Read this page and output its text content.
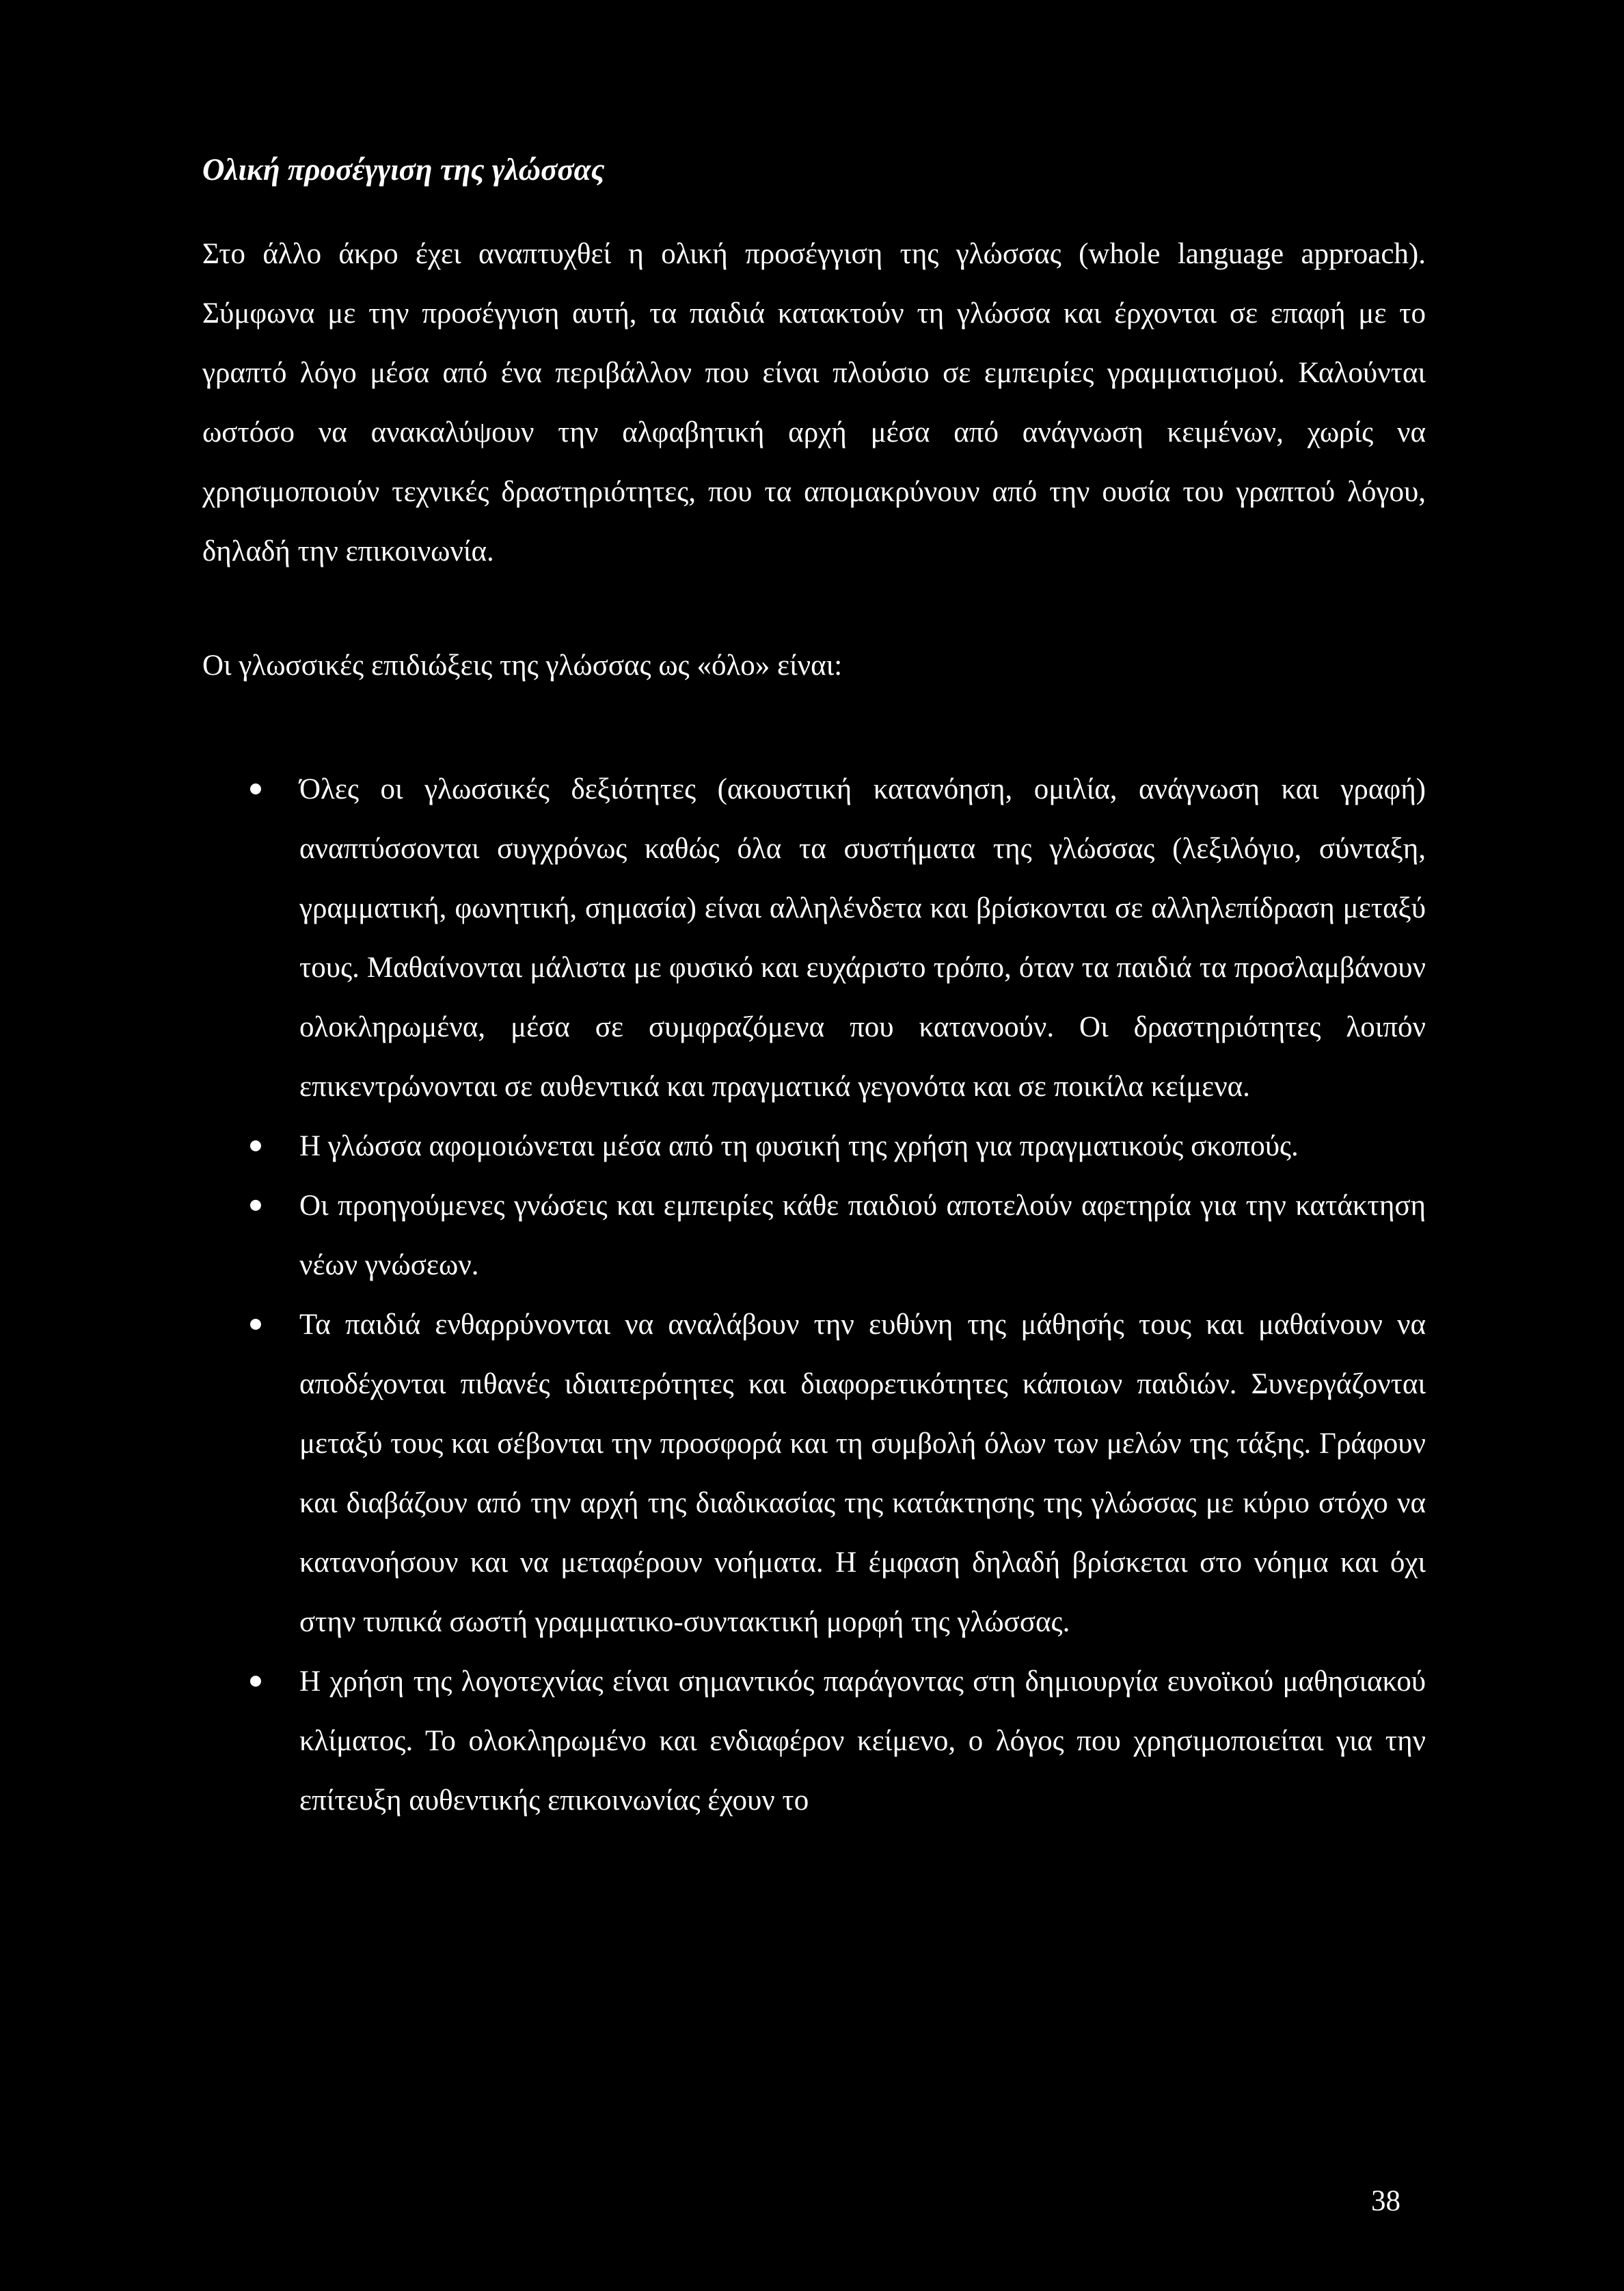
Ολική προσέγγιση της γλώσσας

Στο άλλο άκρο έχει αναπτυχθεί η ολική προσέγγιση της γλώσσας (whole language approach). Σύμφωνα με την προσέγγιση αυτή, τα παιδιά κατακτούν τη γλώσσα και έρχονται σε επαφή με το γραπτό λόγο μέσα από ένα περιβάλλον που είναι πλούσιο σε εμπειρίες γραμματισμού. Καλούνται ωστόσο να ανακαλύψουν την αλφαβητική αρχή μέσα από ανάγνωση κειμένων, χωρίς να χρησιμοποιούν τεχνικές δραστηριότητες, που τα απομακρύνουν από την ουσία του γραπτού λόγου, δηλαδή την επικοινωνία.

Οι γλωσσικές επιδιώξεις της γλώσσας ως «όλο» είναι:

Όλες οι γλωσσικές δεξιότητες (ακουστική κατανόηση, ομιλία, ανάγνωση και γραφή) αναπτύσσονται συγχρόνως καθώς όλα τα συστήματα της γλώσσας (λεξιλόγιο, σύνταξη, γραμματική, φωνητική, σημασία) είναι αλληλένδετα και βρίσκονται σε αλληλεπίδραση μεταξύ τους. Μαθαίνονται μάλιστα με φυσικό και ευχάριστο τρόπο, όταν τα παιδιά τα προσλαμβάνουν ολοκληρωμένα, μέσα σε συμφραζόμενα που κατανοούν. Οι δραστηριότητες λοιπόν επικεντρώνονται σε αυθεντικά και πραγματικά γεγονότα και σε ποικίλα κείμενα.
Η γλώσσα αφομοιώνεται μέσα από τη φυσική της χρήση για πραγματικούς σκοπούς.
Οι προηγούμενες γνώσεις και εμπειρίες κάθε παιδιού αποτελούν αφετηρία για την κατάκτηση νέων γνώσεων.
Τα παιδιά ενθαρρύνονται να αναλάβουν την ευθύνη της μάθησής τους και μαθαίνουν να αποδέχονται πιθανές ιδιαιτερότητες και διαφορετικότητες κάποιων παιδιών. Συνεργάζονται μεταξύ τους και σέβονται την προσφορά και τη συμβολή όλων των μελών της τάξης. Γράφουν και διαβάζουν από την αρχή της διαδικασίας της κατάκτησης της γλώσσας με κύριο στόχο να κατανοήσουν και να μεταφέρουν νοήματα. Η έμφαση δηλαδή βρίσκεται στο νόημα και όχι στην τυπικά σωστή γραμματικο-συντακτική μορφή της γλώσσας.
Η χρήση της λογοτεχνίας είναι σημαντικός παράγοντας στη δημιουργία ευνοϊκού μαθησιακού κλίματος. Το ολοκληρωμένο και ενδιαφέρον κείμενο, ο λόγος που χρησιμοποιείται για την επίτευξη αυθεντικής επικοινωνίας έχουν το
38
